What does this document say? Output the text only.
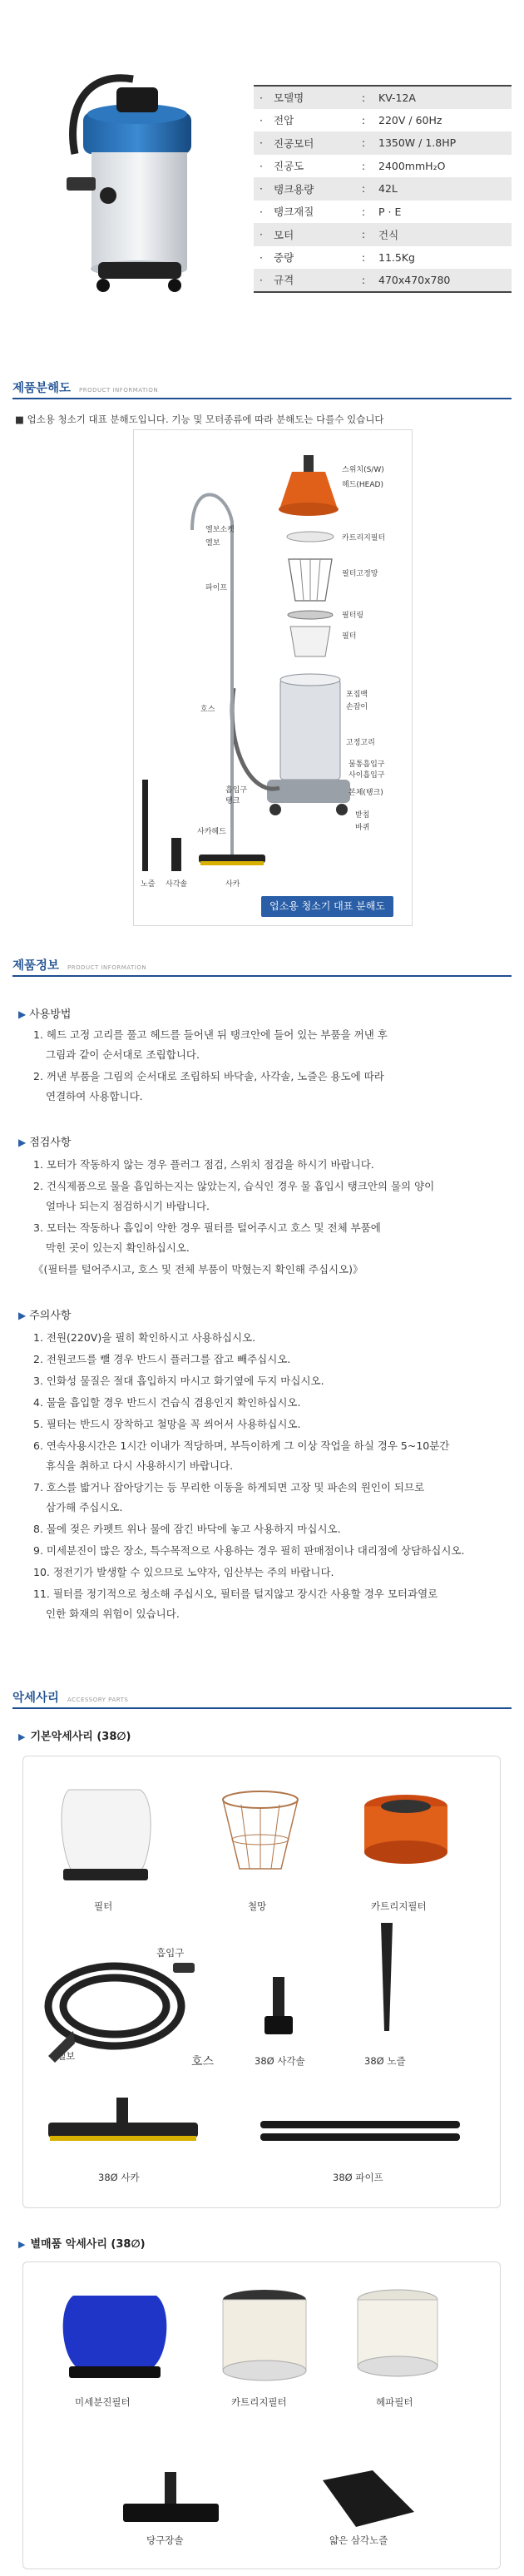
·	모델명	:	KV-12A
·	전압	:	220V / 60Hz
·	진공모터	:	1350W / 1.8HP
·	진공도	:	2400mmH₂O
·	탱크용량	:	42L
·	탱크재질	:	P · E
·	모터	:	건식
·	중량	:	11.5Kg
·	규격	:	470x470x780
제품분해도 PRODUCT INFORMATION
■ 업소용 청소기 대표 분해도입니다. 기능 및 모터종류에 따라 분해도는 다를수 있습니다
스위치(S/W)
헤드(HEAD)
카트리지필터
필터고정망
필터링
필터
엘보소켓
엘보
파이프
호스
포집백
손잡이
고정고리
흡입구
탱크
물통흡입구
사이흡입구
본체(탱크)
받침
바퀴
사카헤드
노즐 사각솔	사카
업소용 청소기 대표 분해도
제품정보 PRODUCT INFORMATION
▶ 사용방법
1. 헤드 고정 고리를 풀고 헤드를 들어낸 뒤 탱크안에 들어 있는 부품을 꺼낸 후
그림과 같이 순서대로 조립합니다.
2. 꺼낸 부품을 그림의 순서대로 조립하되 바닥솔, 사각솔, 노즐은 용도에 따라
연결하여 사용합니다.
▶ 점검사항
1. 모터가 작동하지 않는 경우 플러그 점검, 스위치 점검을 하시기 바랍니다.
2. 건식제품으로 물을 흡입하는지는 않았는지, 습식인 경우 물 흡입시 탱크안의 물의 양이
얼마나 되는지 점검하시기 바랍니다.
3. 모터는 작동하나 흡입이 약한 경우 필터를 털어주시고 호스 및 전체 부품에
막힌 곳이 있는지 확인하십시오.
《(필터를 털어주시고, 호스 및 전체 부품이 막혔는지 확인해 주십시오)》
▶ 주의사항
1. 전원(220V)을 필히 확인하시고 사용하십시오.
2. 전원코드를 뺄 경우 반드시 플러그를 잡고 빼주십시오.
3. 인화성 물질은 절대 흡입하지 마시고 화기옆에 두지 마십시오.
4. 물을 흡입할 경우 반드시 건습식 겸용인지 확인하십시오.
5. 필터는 반드시 장착하고 철망을 꼭 씌어서 사용하십시오.
6. 연속사용시간은 1시간 이내가 적당하며, 부득이하게 그 이상 작업을 하실 경우 5~10분간
휴식을 취하고 다시 사용하시기 바랍니다.
7. 호스를 밟거나 잡아당기는 등 무리한 이동을 하게되면 고장 및 파손의 원인이 되므로
삼가해 주십시오.
8. 물에 젖은 카펫트 위나 물에 잠긴 바닥에 놓고 사용하지 마십시오.
9. 미세분진이 많은 장소, 특수목적으로 사용하는 경우 필히 판매점이나 대리점에 상담하십시오.
10. 정전기가 발생할 수 있으므로 노약자, 임산부는 주의 바랍니다.
11. 필터를 정기적으로 청소해 주십시오, 필터를 털지않고 장시간 사용할 경우 모터과열로
인한 화재의 위험이 있습니다.
악세사리 ACCESSORY PARTS
▶ 기본악세사리 (38∅)
필터	철망	카트리지필터
흡입구
엘보	호스	38Ø 사각솔	38Ø 노즐
38Ø 사카	38Ø 파이프
▶ 별매품 악세사리 (38∅)
미세분진필터	카트리지필터	헤파필터
당구장솔	얇은 삼각노즐
